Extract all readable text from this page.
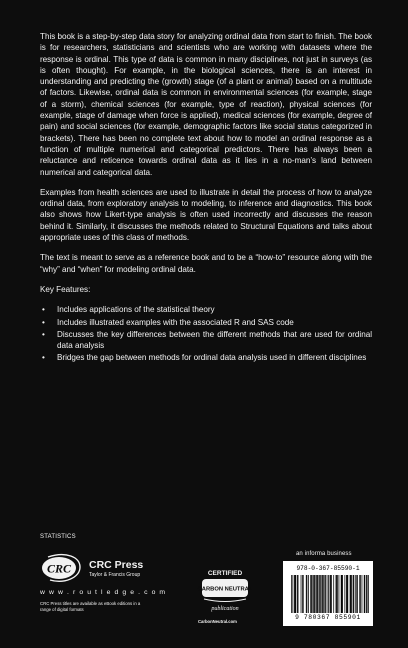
This book is a step-by-step data story for analyzing ordinal data from start to finish. The book is for researchers, statisticians and scientists who are working with datasets where the response is ordinal. This type of data is common in many disciplines, not just in surveys (as is often thought). For example, in the biological sciences, there is an interest in understanding and predicting the (growth) stage (of a plant or animal) based on a multitude of factors. Likewise, ordinal data is common in environmental sciences (for example, stage of a storm), chemical sciences (for example, type of reaction), physical sciences (for example, stage of damage when force is applied), medical sciences (for example, degree of pain) and social sciences (for example, demographic factors like social status categorized in brackets). There has been no complete text about how to model an ordinal response as a function of multiple numerical and categorical predictors. There has always been a reluctance and reticence towards ordinal data as it lies in a no-man’s land between numerical and categorical data.

Examples from health sciences are used to illustrate in detail the process of how to analyze ordinal data, from exploratory analysis to modeling, to inference and diagnostics. This book also shows how Likert-type analysis is often used incorrectly and discusses the reason behind it. Similarly, it discusses the methods related to Structural Equations and talks about appropriate uses of this class of methods.

The text is meant to serve as a reference book and to be a “how-to” resource along with the “why” and “when” for modeling ordinal data.

Key Features:

• Includes applications of the statistical theory
• Includes illustrated examples with the associated R and SAS code
• Discusses the key differences between the different methods that are used for ordinal data analysis
• Bridges the gap between methods for ordinal data analysis used in different disciplines
STATISTICS
CRC CRC Press
Taylor & Francis Group
w w w . r o u t l e d g e . c o m
CRC Press titles are available as eBook editions in a range of digital formats
CERTIFIED
CARBON NEUTRAL
publication
CarbonNeutral.com
an informa business
978-0-367-85590-1
9 780367 855901
